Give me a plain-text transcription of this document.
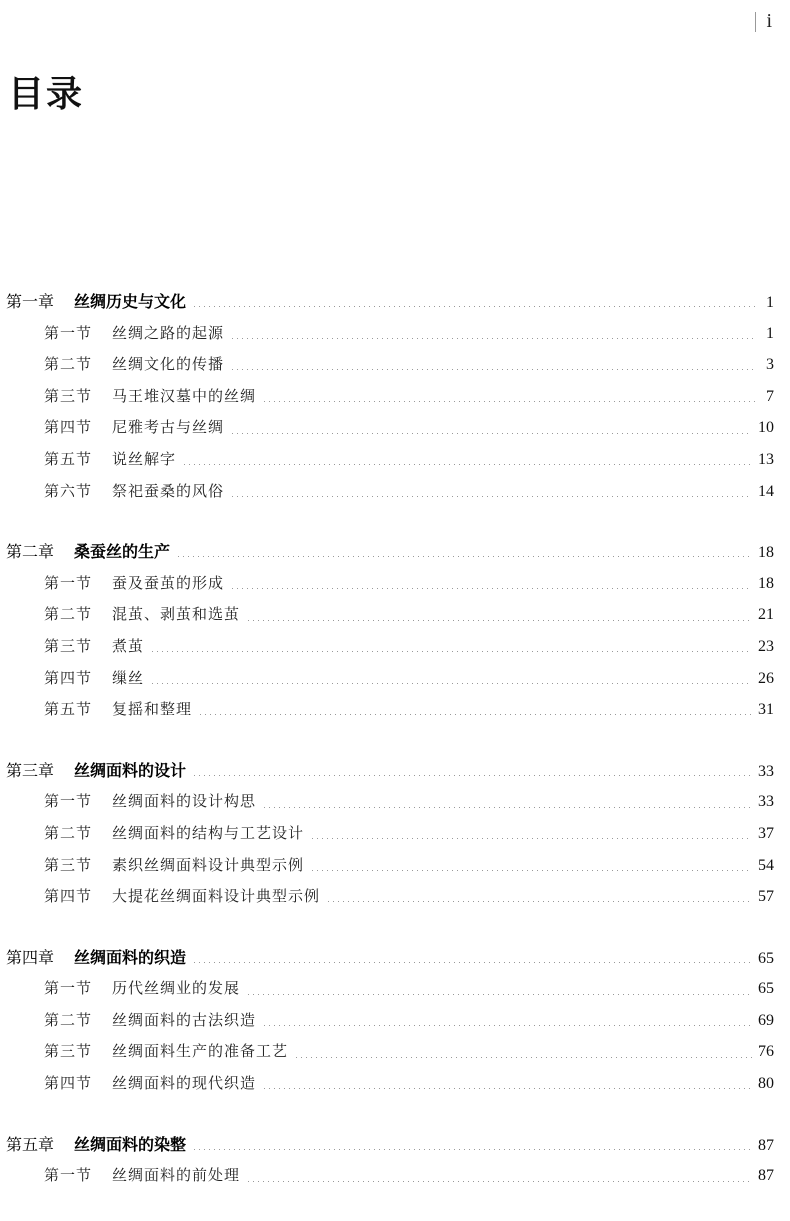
i
目录
第一章 丝绸历史与文化	1
第一节 丝绸之路的起源	1
第二节 丝绸文化的传播	3
第三节 马王堆汉墓中的丝绸	7
第四节 尼雅考古与丝绸	10
第五节 说丝解字	13
第六节 祭祀蚕桑的风俗	14
第二章 桑蚕丝的生产	18
第一节 蚕及蚕茧的形成	18
第二节 混茧、剥茧和选茧	21
第三节 煮茧	23
第四节 缫丝	26
第五节 复摇和整理	31
第三章 丝绸面料的设计	33
第一节 丝绸面料的设计构思	33
第二节 丝绸面料的结构与工艺设计	37
第三节 素织丝绸面料设计典型示例	54
第四节 大提花丝绸面料设计典型示例	57
第四章 丝绸面料的织造	65
第一节 历代丝绸业的发展	65
第二节 丝绸面料的古法织造	69
第三节 丝绸面料生产的准备工艺	76
第四节 丝绸面料的现代织造	80
第五章 丝绸面料的染整	87
第一节 丝绸面料的前处理	87
